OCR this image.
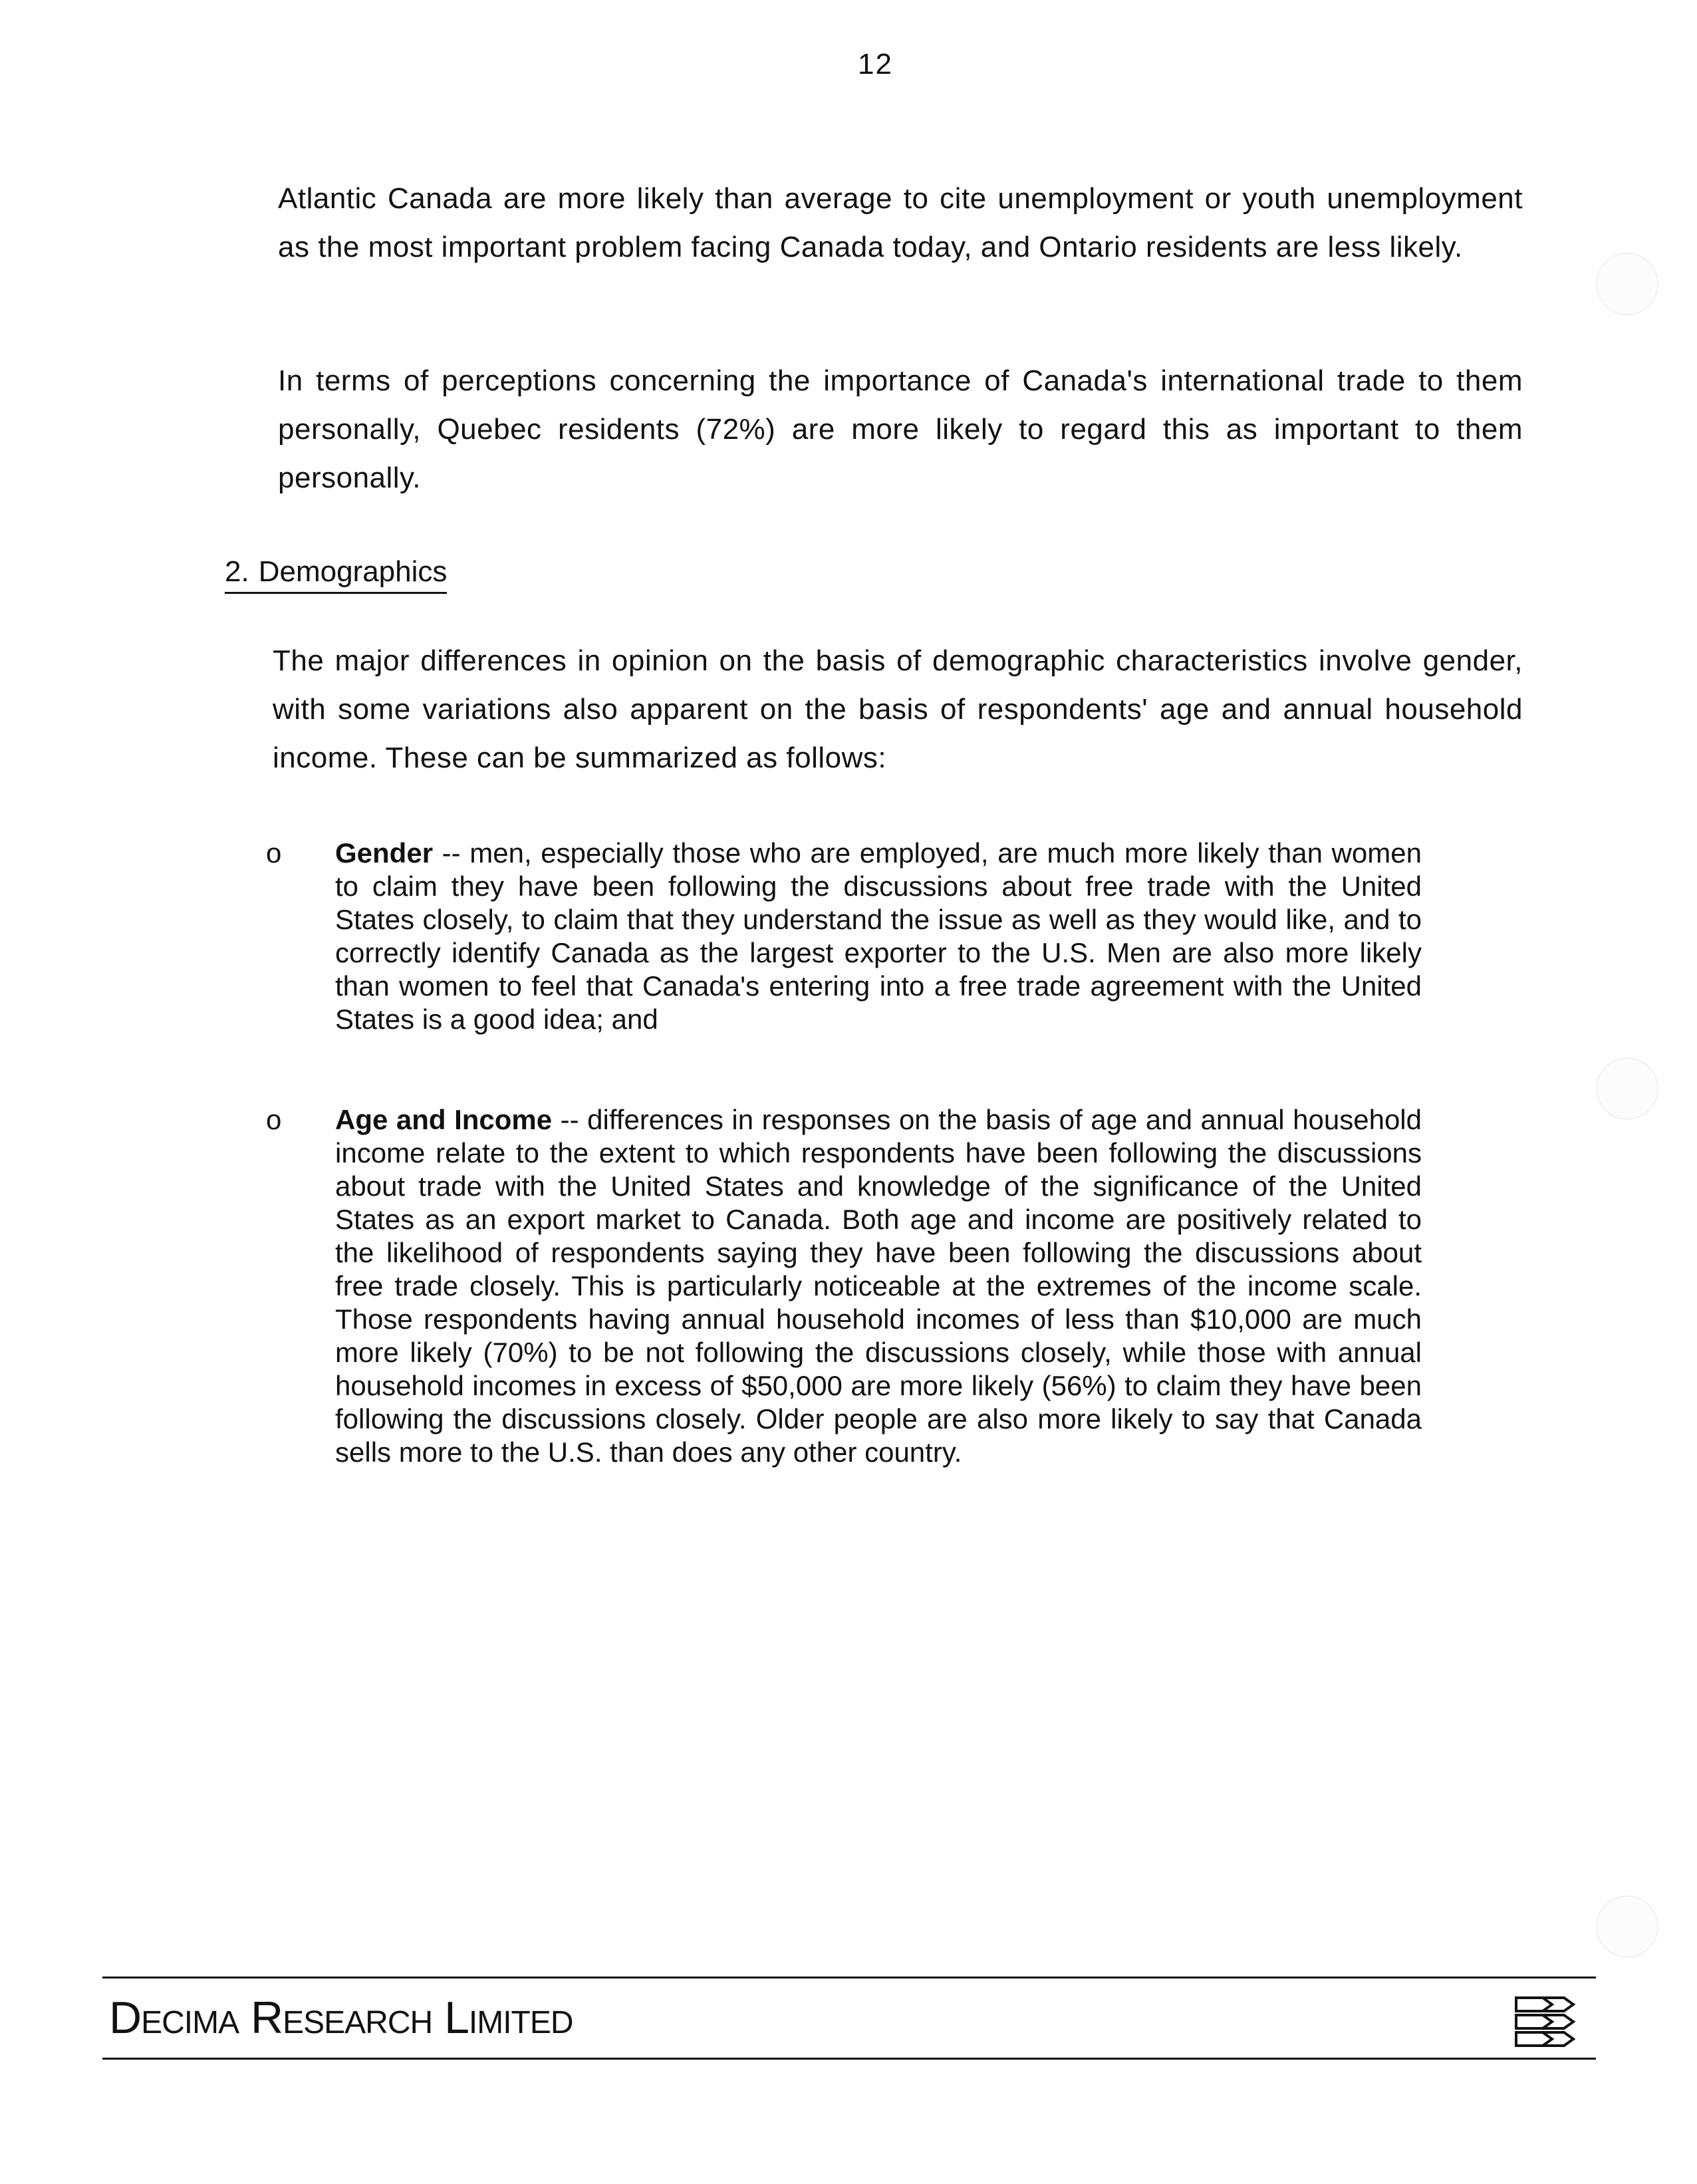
12

Atlantic Canada are more likely than average to cite unemployment or youth unemployment as the most important problem facing Canada today, and Ontario residents are less likely.

In terms of perceptions concerning the importance of Canada's international trade to them personally, Quebec residents (72%) are more likely to regard this as important to them personally.

2. Demographics

The major differences in opinion on the basis of demographic characteristics involve gender, with some variations also apparent on the basis of respondents' age and annual household income. These can be summarized as follows:

o Gender -- men, especially those who are employed, are much more likely than women to claim they have been following the discussions about free trade with the United States closely, to claim that they understand the issue as well as they would like, and to correctly identify Canada as the largest exporter to the U.S. Men are also more likely than women to feel that Canada's entering into a free trade agreement with the United States is a good idea; and

o Age and Income -- differences in responses on the basis of age and annual household income relate to the extent to which respondents have been following the discussions about trade with the United States and knowledge of the significance of the United States as an export market to Canada. Both age and income are positively related to the likelihood of respondents saying they have been following the discussions about free trade closely. This is particularly noticeable at the extremes of the income scale. Those respondents having annual household incomes of less than $10,000 are much more likely (70%) to be not following the discussions closely, while those with annual household incomes in excess of $50,000 are more likely (56%) to claim they have been following the discussions closely. Older people are also more likely to say that Canada sells more to the U.S. than does any other country.

Decima Research Limited
